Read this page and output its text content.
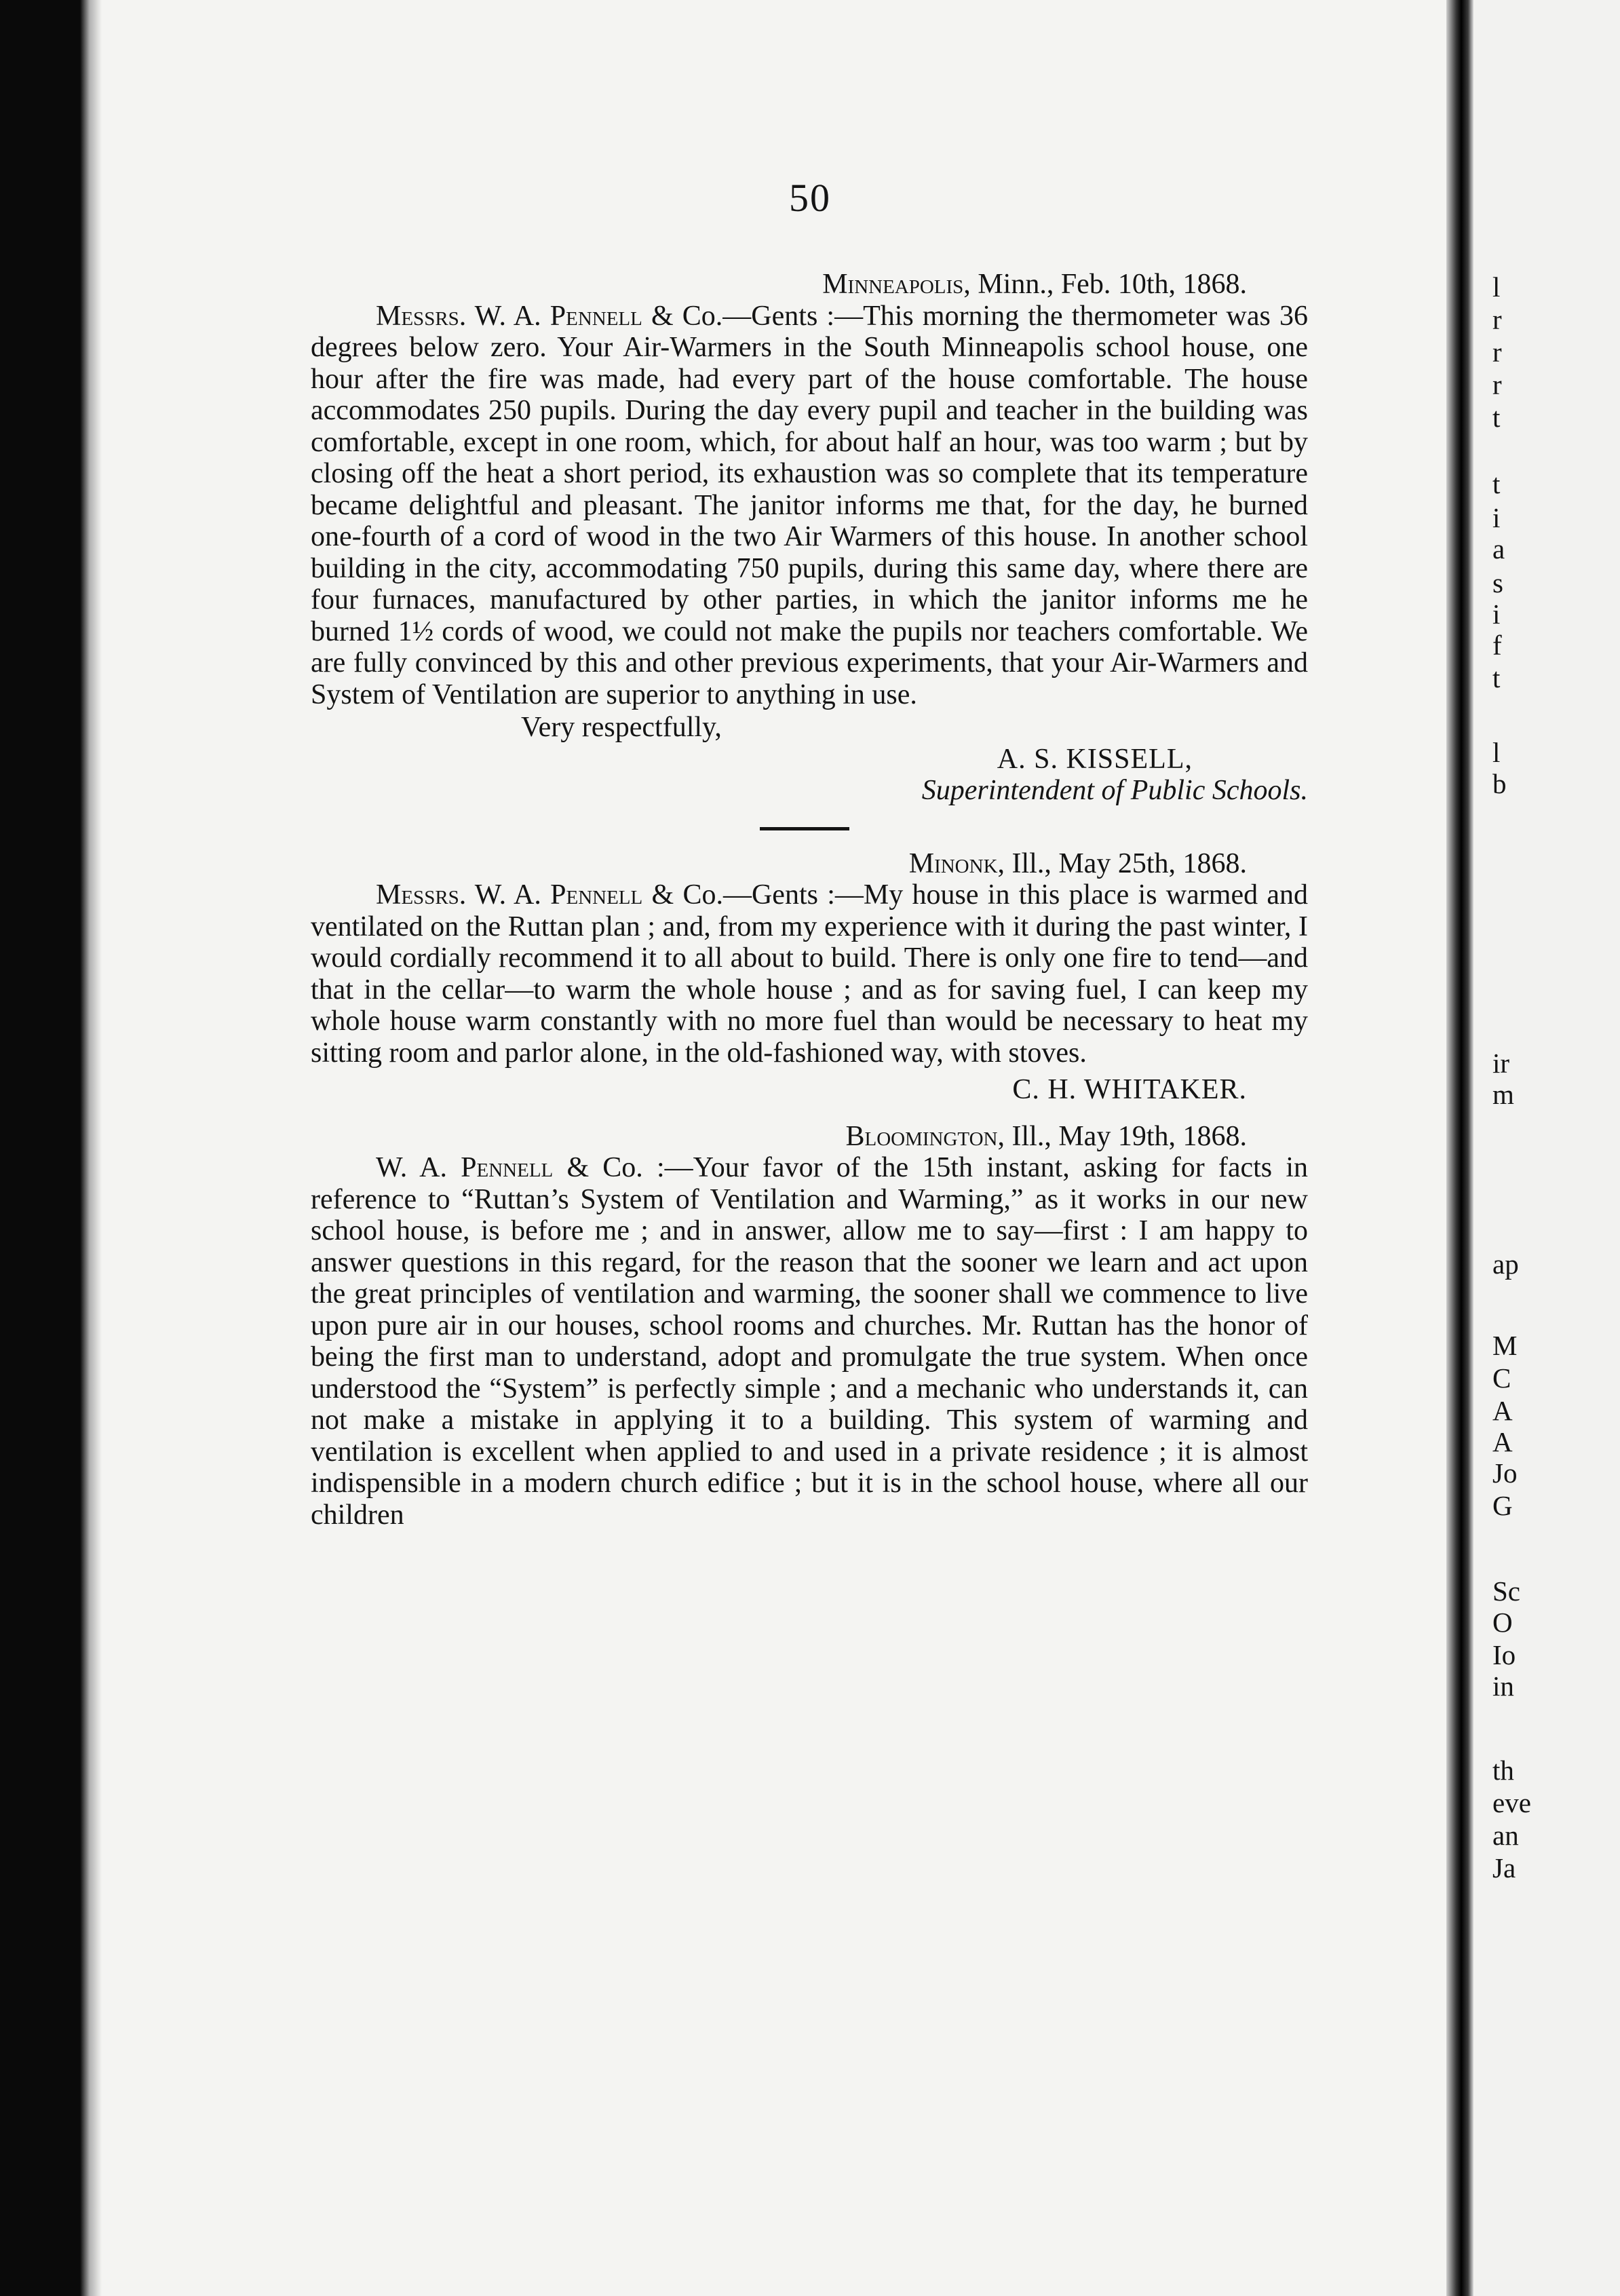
l
r
r
r
t
t
i
a
s
i
f
t
l
b
ir
m
ap
M
C
A
A
Jo
G
Sc
O
Io
in
th
eve
an
Ja
50
Minneapolis, Minn., Feb. 10th, 1868.

Messrs. W. A. Pennell & Co.—Gents :—This morning the thermometer was 36 degrees below zero. Your Air-Warmers in the South Minneapolis school house, one hour after the fire was made, had every part of the house comfortable. The house accommodates 250 pupils. During the day every pupil and teacher in the building was comfortable, except in one room, which, for about half an hour, was too warm ; but by closing off the heat a short period, its exhaustion was so complete that its temperature became delightful and pleasant. The janitor informs me that, for the day, he burned one-fourth of a cord of wood in the two Air Warmers of this house. In another school building in the city, accommodating 750 pupils, during this same day, where there are four furnaces, manufactured by other parties, in which the janitor informs me he burned 1½ cords of wood, we could not make the pupils nor teachers comfortable. We are fully convinced by this and other previous experiments, that your Air-Warmers and System of Ventilation are superior to anything in use.

Very respectfully,
A. S. KISSELL,
Superintendent of Public Schools.
Minonk, Ill., May 25th, 1868.

Messrs. W. A. Pennell & Co.—Gents :—My house in this place is warmed and ventilated on the Ruttan plan ; and, from my experience with it during the past winter, I would cordially recommend it to all about to build. There is only one fire to tend—and that in the cellar—to warm the whole house ; and as for saving fuel, I can keep my whole house warm constantly with no more fuel than would be necessary to heat my sitting room and parlor alone, in the old-fashioned way, with stoves.

C. H. WHITAKER.
Bloomington, Ill., May 19th, 1868.

W. A. Pennell & Co. :—Your favor of the 15th instant, asking for facts in reference to “Ruttan’s System of Ventilation and Warming,” as it works in our new school house, is before me ; and in answer, allow me to say—first : I am happy to answer questions in this regard, for the reason that the sooner we learn and act upon the great principles of ventilation and warming, the sooner shall we commence to live upon pure air in our houses, school rooms and churches. Mr. Ruttan has the honor of being the first man to understand, adopt and promulgate the true system. When once understood the “System” is perfectly simple ; and a mechanic who understands it, can not make a mistake in applying it to a building. This system of warming and ventilation is excellent when applied to and used in a private residence ; it is almost indispensible in a modern church edifice ; but it is in the school house, where all our children
